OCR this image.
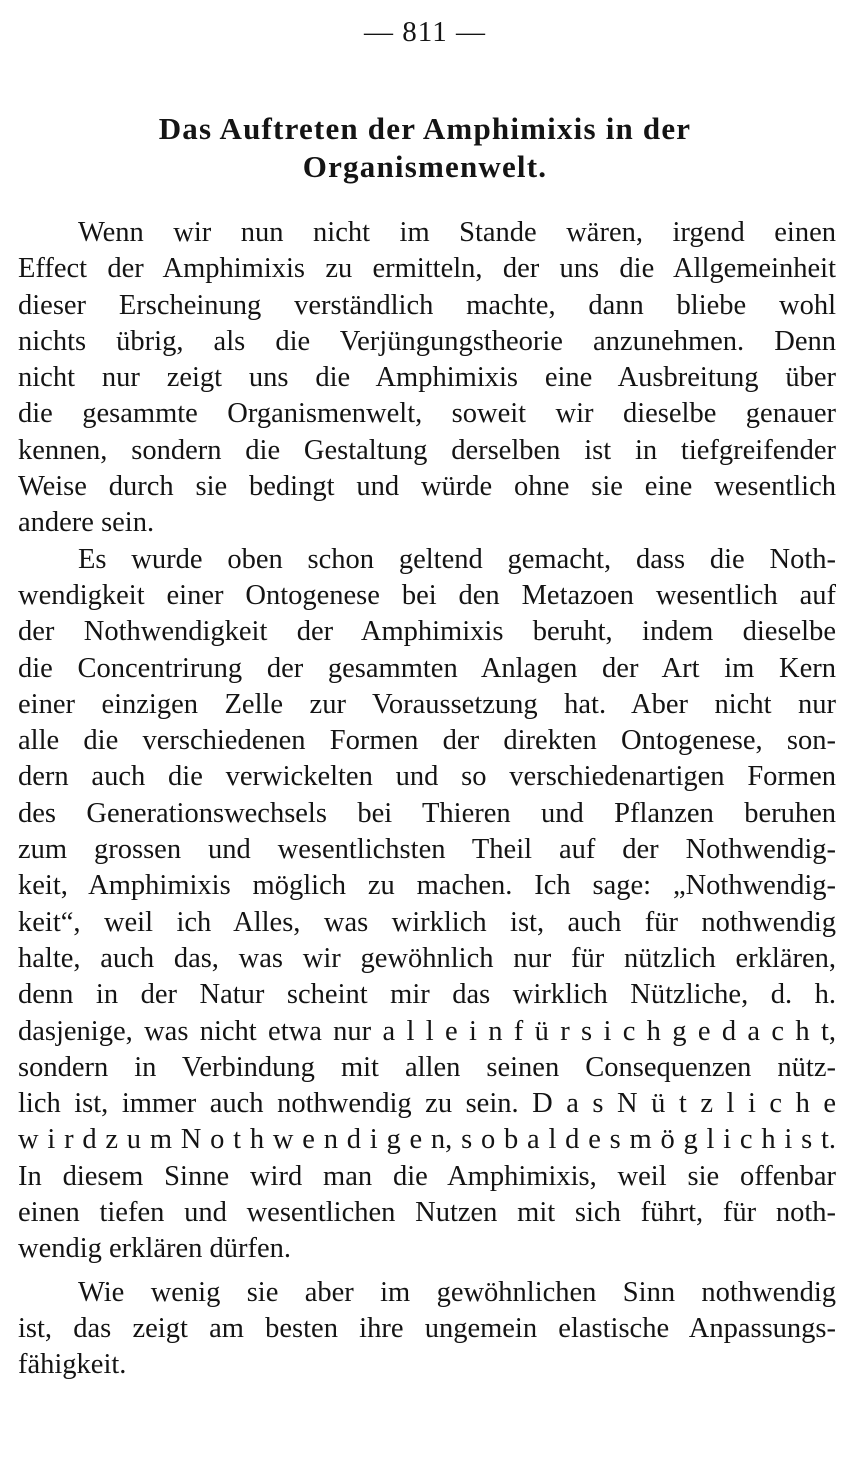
— 811 —
Das Auftreten der Amphimixis in der
Organismenwelt.
Wenn wir nun nicht im Stande wären, irgend einen
Effect der Amphimixis zu ermitteln, der uns die Allgemeinheit
dieser Erscheinung verständlich machte, dann bliebe wohl
nichts übrig, als die Verjüngungstheorie anzunehmen. Denn
nicht nur zeigt uns die Amphimixis eine Ausbreitung über
die gesammte Organismenwelt, soweit wir dieselbe genauer
kennen, sondern die Gestaltung derselben ist in tiefgreifender
Weise durch sie bedingt und würde ohne sie eine wesentlich
andere sein.
Es wurde oben schon geltend gemacht, dass die Noth-
wendigkeit einer Ontogenese bei den Metazoen wesentlich auf
der Nothwendigkeit der Amphimixis beruht, indem dieselbe
die Concentrirung der gesammten Anlagen der Art im Kern
einer einzigen Zelle zur Voraussetzung hat. Aber nicht nur
alle die verschiedenen Formen der direkten Ontogenese, son-
dern auch die verwickelten und so verschiedenartigen Formen
des Generationswechsels bei Thieren und Pflanzen beruhen
zum grossen und wesentlichsten Theil auf der Nothwendig-
keit, Amphimixis möglich zu machen. Ich sage: „Nothwendig-
keit“, weil ich Alles, was wirklich ist, auch für nothwendig
halte, auch das, was wir gewöhnlich nur für nützlich erklären,
denn in der Natur scheint mir das wirklich Nützliche, d. h.
dasjenige, was nicht etwa nur a l l e i n f ü r s i c h g e d a c h t,
sondern in Verbindung mit allen seinen Consequenzen nütz-
lich ist, immer auch nothwendig zu sein. D a s N ü t z l i c h e
w i r d z u m N o t h w e n d i g e n, s o b a l d e s m ö g l i c h i s t.
In diesem Sinne wird man die Amphimixis, weil sie offenbar
einen tiefen und wesentlichen Nutzen mit sich führt, für noth-
wendig erklären dürfen.
Wie wenig sie aber im gewöhnlichen Sinn nothwendig
ist, das zeigt am besten ihre ungemein elastische Anpassungs-
fähigkeit.
